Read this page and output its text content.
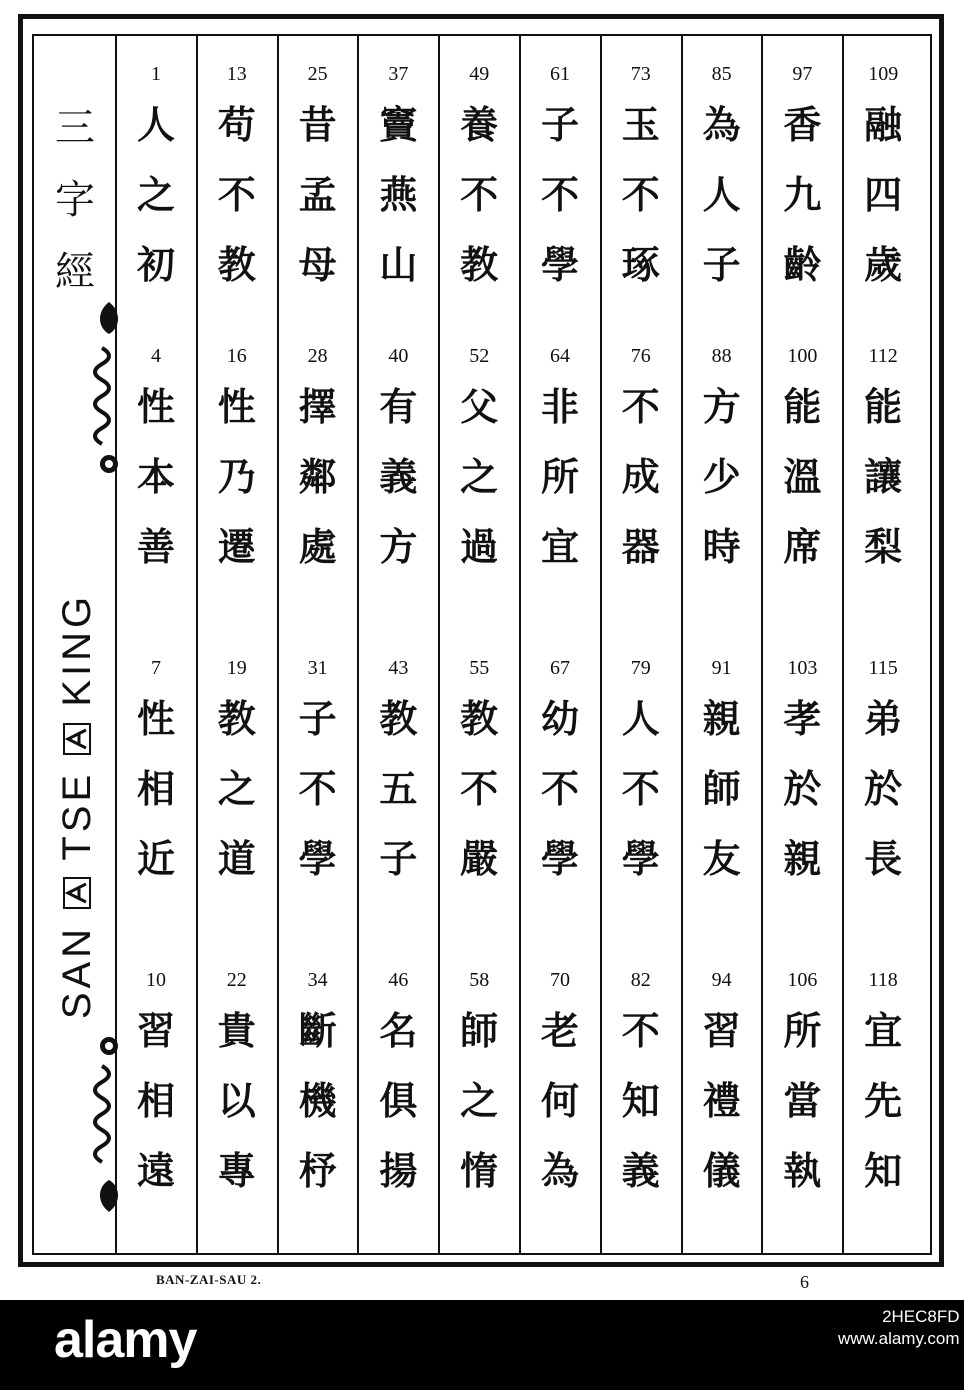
三
字
經
SAN  TSE  KING
1
人
之
初
4
性
本
善
7
性
相
近
10
習
相
遠
13
苟
不
教
16
性
乃
遷
19
教
之
道
22
貴
以
專
25
昔
孟
母
28
擇
鄰
處
31
子
不
學
34
斷
機
杼
37
竇
燕
山
40
有
義
方
43
教
五
子
46
名
俱
揚
49
養
不
教
52
父
之
過
55
教
不
嚴
58
師
之
惰
61
子
不
學
64
非
所
宜
67
幼
不
學
70
老
何
為
73
玉
不
琢
76
不
成
器
79
人
不
學
82
不
知
義
85
為
人
子
88
方
少
時
91
親
師
友
94
習
禮
儀
97
香
九
齡
100
能
溫
席
103
孝
於
親
106
所
當
執
109
融
四
歲
112
能
讓
梨
115
弟
於
長
118
宜
先
知
BAN-ZAI-SAU 2.	6
alamy	2HEC8FD
www.alamy.com
